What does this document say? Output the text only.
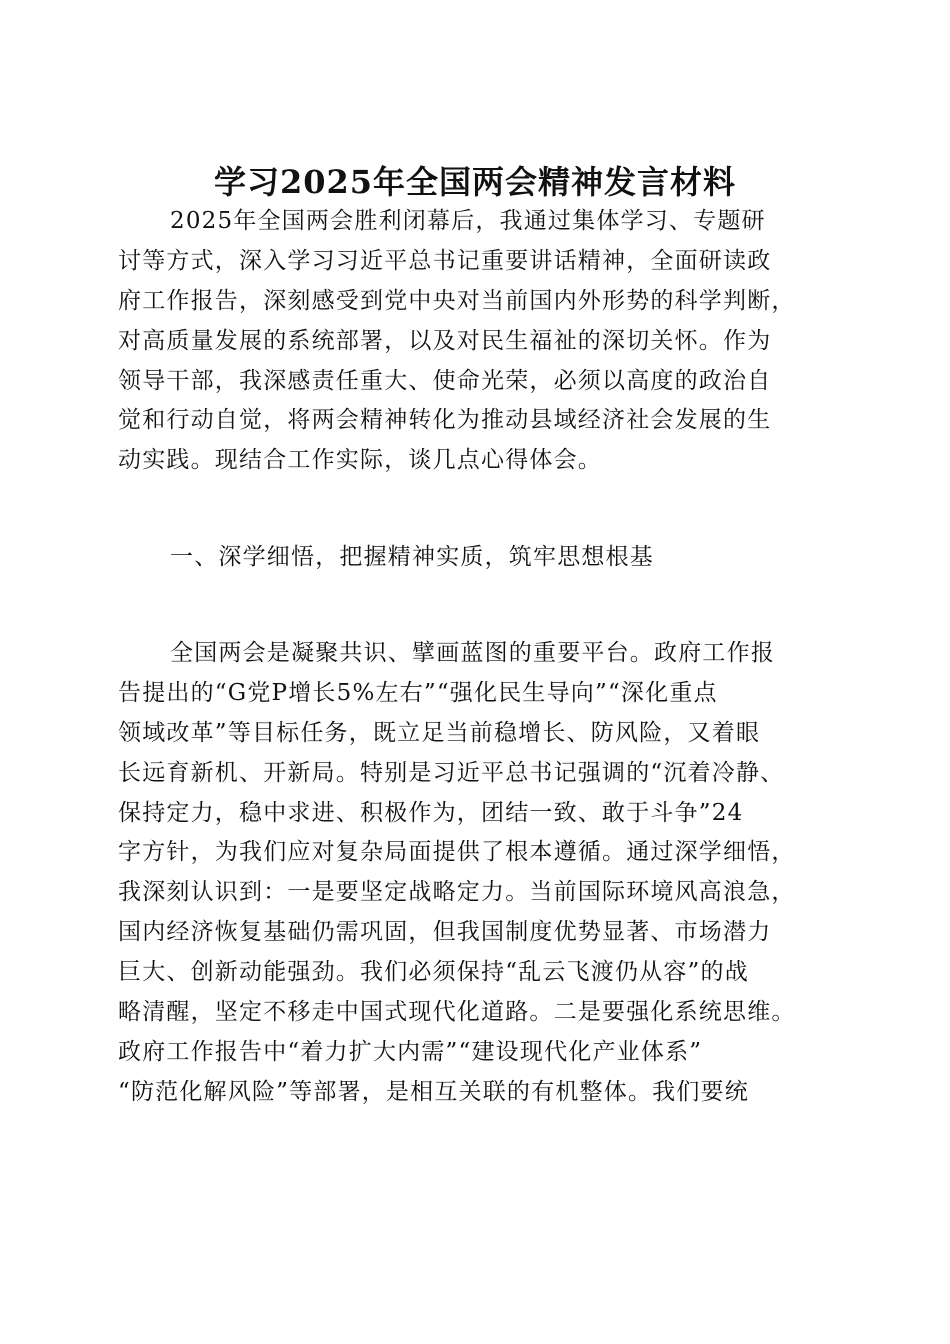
学习2025年全国两会精神发言材料
2025年全国两会胜利闭幕后，我通过集体学习、专题研
讨等方式，深入学习习近平总书记重要讲话精神，全面研读政
府工作报告，深刻感受到党中央对当前国内外形势的科学判断，
对高质量发展的系统部署，以及对民生福祉的深切关怀。作为
领导干部，我深感责任重大、使命光荣，必须以高度的政治自
觉和行动自觉，将两会精神转化为推动县域经济社会发展的生
动实践。现结合工作实际，谈几点心得体会。
一、深学细悟，把握精神实质，筑牢思想根基
全国两会是凝聚共识、擘画蓝图的重要平台。政府工作报
告提出的“G党P增长5%左右”“强化民生导向”“深化重点
领域改革”等目标任务，既立足当前稳增长、防风险，又着眼
长远育新机、开新局。特别是习近平总书记强调的“沉着冷静、
保持定力，稳中求进、积极作为，团结一致、敢于斗争”24
字方针，为我们应对复杂局面提供了根本遵循。通过深学细悟，
我深刻认识到：一是要坚定战略定力。当前国际环境风高浪急，
国内经济恢复基础仍需巩固，但我国制度优势显著、市场潜力
巨大、创新动能强劲。我们必须保持“乱云飞渡仍从容”的战
略清醒，坚定不移走中国式现代化道路。二是要强化系统思维。
政府工作报告中“着力扩大内需”“建设现代化产业体系”
“防范化解风险”等部署，是相互关联的有机整体。我们要统
